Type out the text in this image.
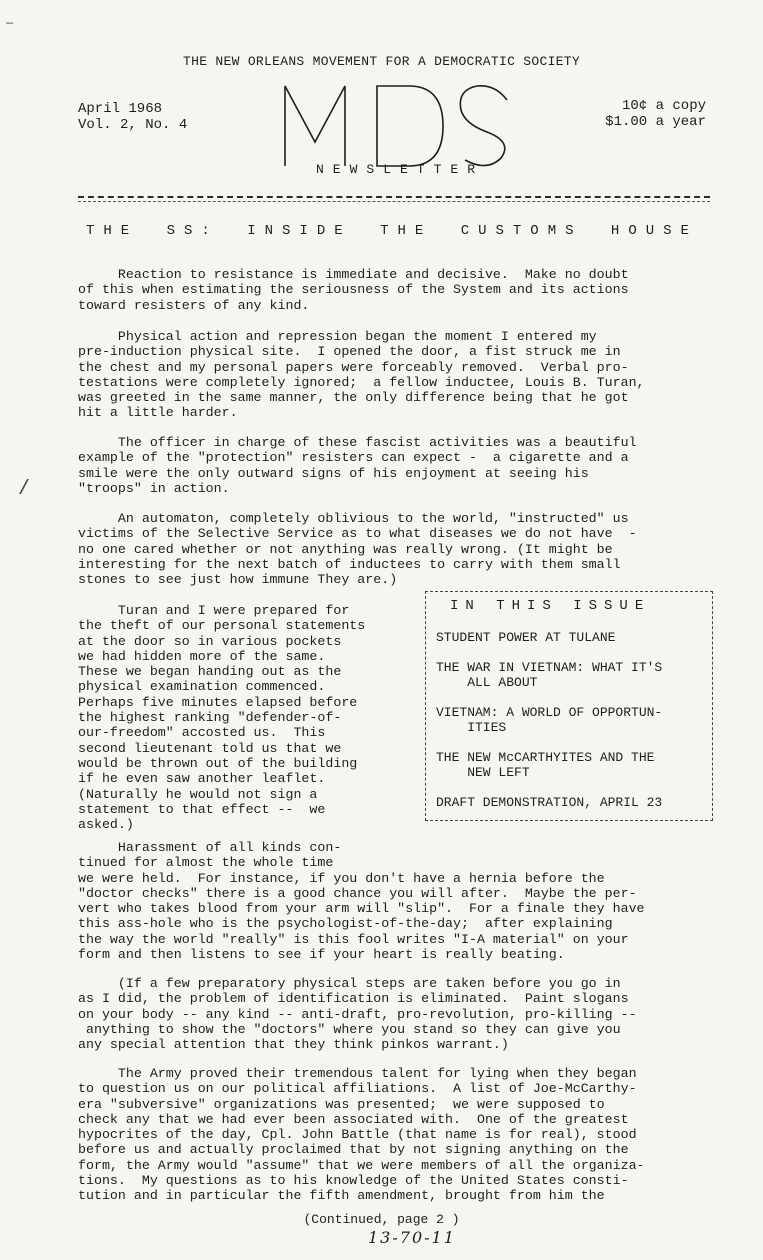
THE NEW ORLEANS MOVEMENT FOR A DEMOCRATIC SOCIETY
April 1968
Vol. 2, No. 4
NEWSLETTER
10¢ a copy
$1.00 a year
THE SS: INSIDE THE CUSTOMS HOUSE
Reaction to resistance is immediate and decisive.  Make no doubt
of this when estimating the seriousness of the System and its actions
toward resisters of any kind.
Physical action and repression began the moment I entered my
pre-induction physical site.  I opened the door, a fist struck me in
the chest and my personal papers were forceably removed.  Verbal pro-
testations were completely ignored;  a fellow inductee, Louis B. Turan,
was greeted in the same manner, the only difference being that he got
hit a little harder.
The officer in charge of these fascist activities was a beautiful
example of the "protection" resisters can expect -  a cigarette and a
smile were the only outward signs of his enjoyment at seeing his
"troops" in action.
An automaton, completely oblivious to the world, "instructed" us
victims of the Selective Service as to what diseases we do not have  -
no one cared whether or not anything was really wrong. (It might be
interesting for the next batch of inductees to carry with them small
stones to see just how immune They are.)
Turan and I were prepared for
the theft of our personal statements
at the door so in various pockets
we had hidden more of the same.
These we began handing out as the
physical examination commenced.
Perhaps five minutes elapsed before
the highest ranking "defender-of-
our-freedom" accosted us.  This
second lieutenant told us that we
would be thrown out of the building
if he even saw another leaflet.
(Naturally he would not sign a
statement to that effect --  we
asked.)
IN THIS ISSUE
STUDENT POWER AT TULANE
THE WAR IN VIETNAM: WHAT IT'S
ALL ABOUT
VIETNAM: A WORLD OF OPPORTUN-
ITIES
THE NEW McCARTHYITES AND THE
NEW LEFT
DRAFT DEMONSTRATION, APRIL 23
Harassment of all kinds con-
tinued for almost the whole time
we were held.  For instance, if you don't have a hernia before the
"doctor checks" there is a good chance you will after.  Maybe the per-
vert who takes blood from your arm will "slip".  For a finale they have
this ass-hole who is the psychologist-of-the-day;  after explaining
the way the world "really" is this fool writes "I-A material" on your
form and then listens to see if your heart is really beating.
(If a few preparatory physical steps are taken before you go in
as I did, the problem of identification is eliminated.  Paint slogans
on your body -- any kind -- anti-draft, pro-revolution, pro-killing --
anything to show the "doctors" where you stand so they can give you
any special attention that they think pinkos warrant.)
The Army proved their tremendous talent for lying when they began
to question us on our political affiliations.  A list of Joe-McCarthy-
era "subversive" organizations was presented;  we were supposed to
check any that we had ever been associated with.  One of the greatest
hypocrites of the day, Cpl. John Battle (that name is for real), stood
before us and actually proclaimed that by not signing anything on the
form, the Army would "assume" that we were members of all the organiza-
tions.  My questions as to his knowledge of the United States consti-
tution and in particular the fifth amendment, brought from him the
(Continued, page 2 )
13-70-11
—
/
